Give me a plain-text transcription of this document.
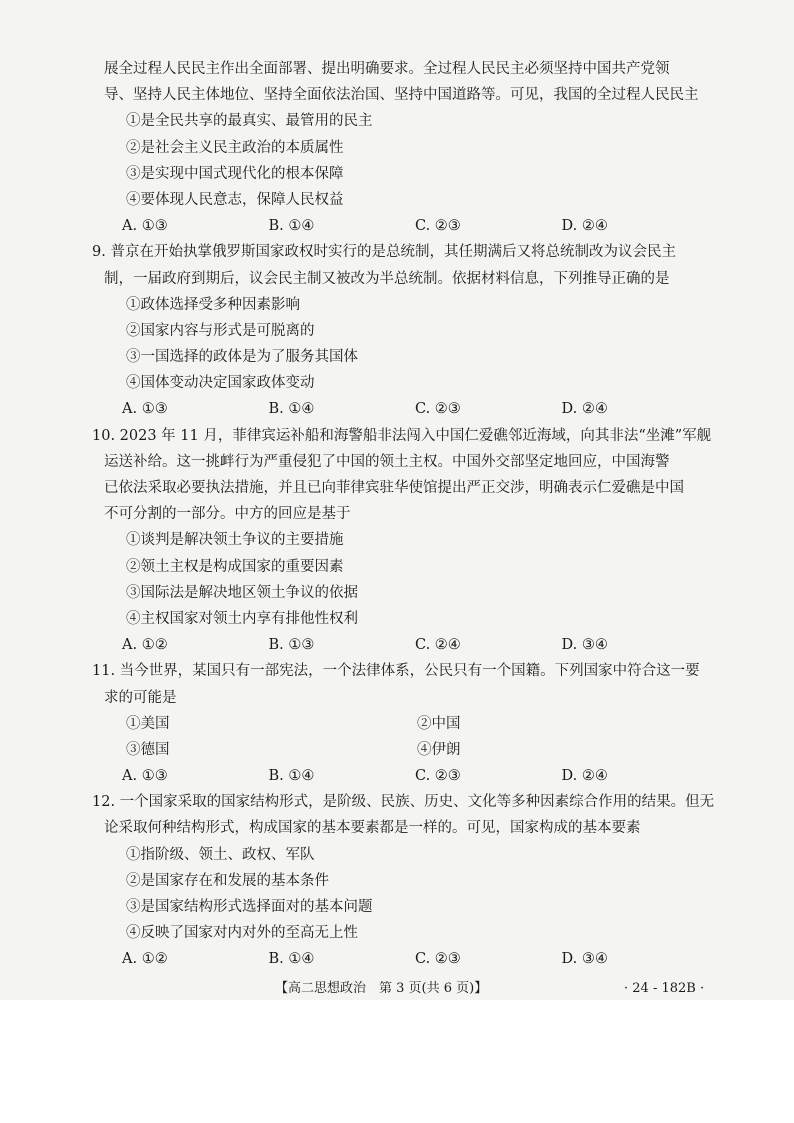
展全过程人民民主作出全面部署、提出明确要求。全过程人民民主必须坚持中国共产党领
导、坚持人民主体地位、坚持全面依法治国、坚持中国道路等。可见，我国的全过程人民民主
①是全民共享的最真实、最管用的民主
②是社会主义民主政治的本质属性
③是实现中国式现代化的根本保障
④要体现人民意志，保障人民权益
A. ①③	B. ①④	C. ②③	D. ②④
9. 普京在开始执掌俄罗斯国家政权时实行的是总统制，其任期满后又将总统制改为议会民主
制，一届政府到期后，议会民主制又被改为半总统制。依据材料信息，下列推导正确的是
①政体选择受多种因素影响
②国家内容与形式是可脱离的
③一国选择的政体是为了服务其国体
④国体变动决定国家政体变动
A. ①③	B. ①④	C. ②③	D. ②④
10. 2023 年 11 月，菲律宾运补船和海警船非法闯入中国仁爱礁邻近海域，向其非法“坐滩”军舰
运送补给。这一挑衅行为严重侵犯了中国的领土主权。中国外交部坚定地回应，中国海警
已依法采取必要执法措施，并且已向菲律宾驻华使馆提出严正交涉，明确表示仁爱礁是中国
不可分割的一部分。中方的回应是基于
①谈判是解决领土争议的主要措施
②领土主权是构成国家的重要因素
③国际法是解决地区领土争议的依据
④主权国家对领土内享有排他性权利
A. ①②	B. ①③	C. ②④	D. ③④
11. 当今世界，某国只有一部宪法，一个法律体系，公民只有一个国籍。下列国家中符合这一要
求的可能是
①美国	②中国
③德国	④伊朗
A. ①③	B. ①④	C. ②③	D. ②④
12. 一个国家采取的国家结构形式，是阶级、民族、历史、文化等多种因素综合作用的结果。但无
论采取何种结构形式，构成国家的基本要素都是一样的。可见，国家构成的基本要素
①指阶级、领土、政权、军队
②是国家存在和发展的基本条件
③是国家结构形式选择面对的基本问题
④反映了国家对内对外的至高无上性
A. ①②	B. ①④	C. ②③	D. ③④
【高二思想政治　第 3 页(共 6 页)】	· 24 - 182B ·
